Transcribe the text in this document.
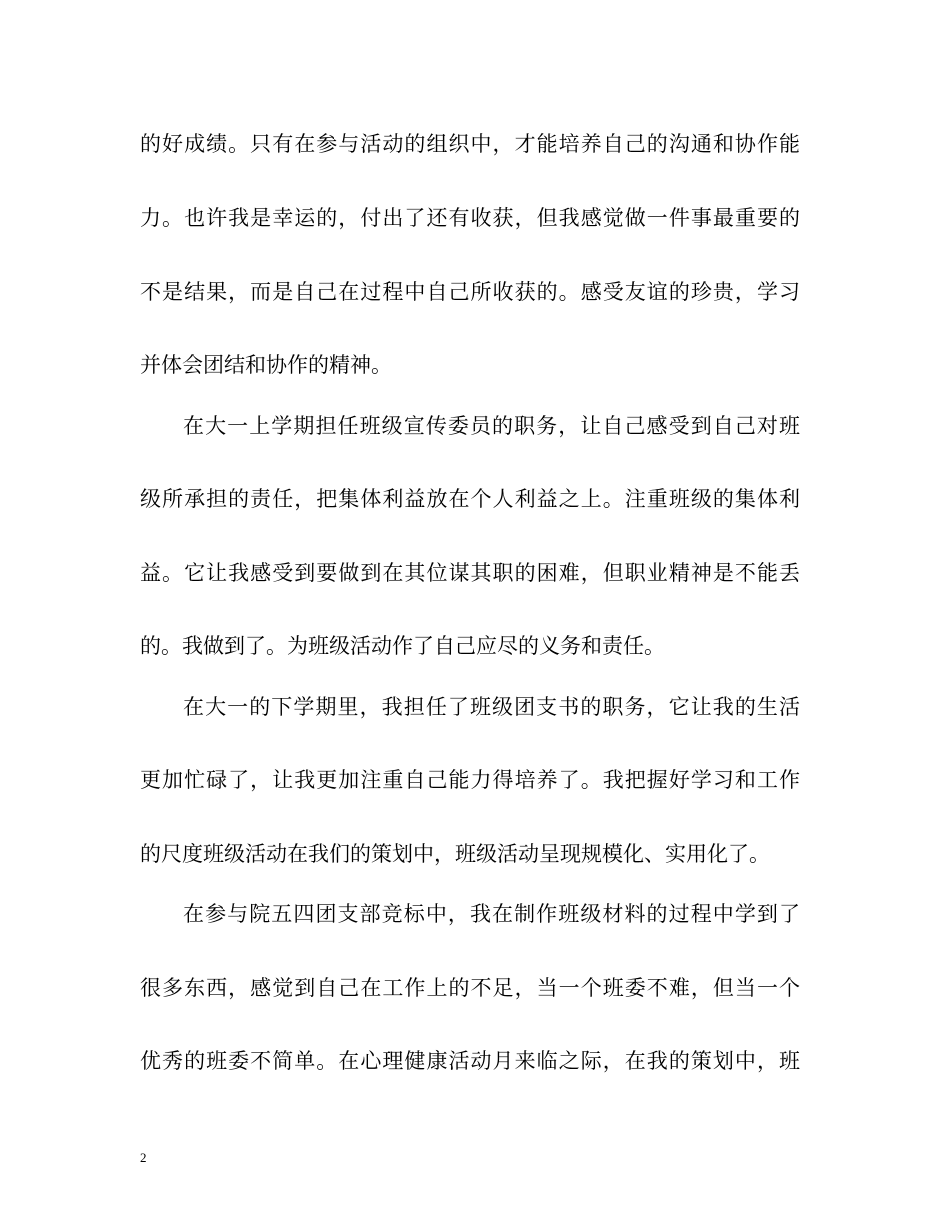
的好成绩。只有在参与活动的组织中，才能培养自己的沟通和协作能
力。也许我是幸运的，付出了还有收获，但我感觉做一件事最重要的
不是结果，而是自己在过程中自己所收获的。感受友谊的珍贵，学习
并体会团结和协作的精神。
在大一上学期担任班级宣传委员的职务，让自己感受到自己对班
级所承担的责任，把集体利益放在个人利益之上。注重班级的集体利
益。它让我感受到要做到在其位谋其职的困难，但职业精神是不能丢
的。我做到了。为班级活动作了自己应尽的义务和责任。
在大一的下学期里，我担任了班级团支书的职务，它让我的生活
更加忙碌了，让我更加注重自己能力得培养了。我把握好学习和工作
的尺度班级活动在我们的策划中，班级活动呈现规模化、实用化了。
在参与院五四团支部竞标中，我在制作班级材料的过程中学到了
很多东西，感觉到自己在工作上的不足，当一个班委不难，但当一个
优秀的班委不简单。在心理健康活动月来临之际，在我的策划中，班
2
